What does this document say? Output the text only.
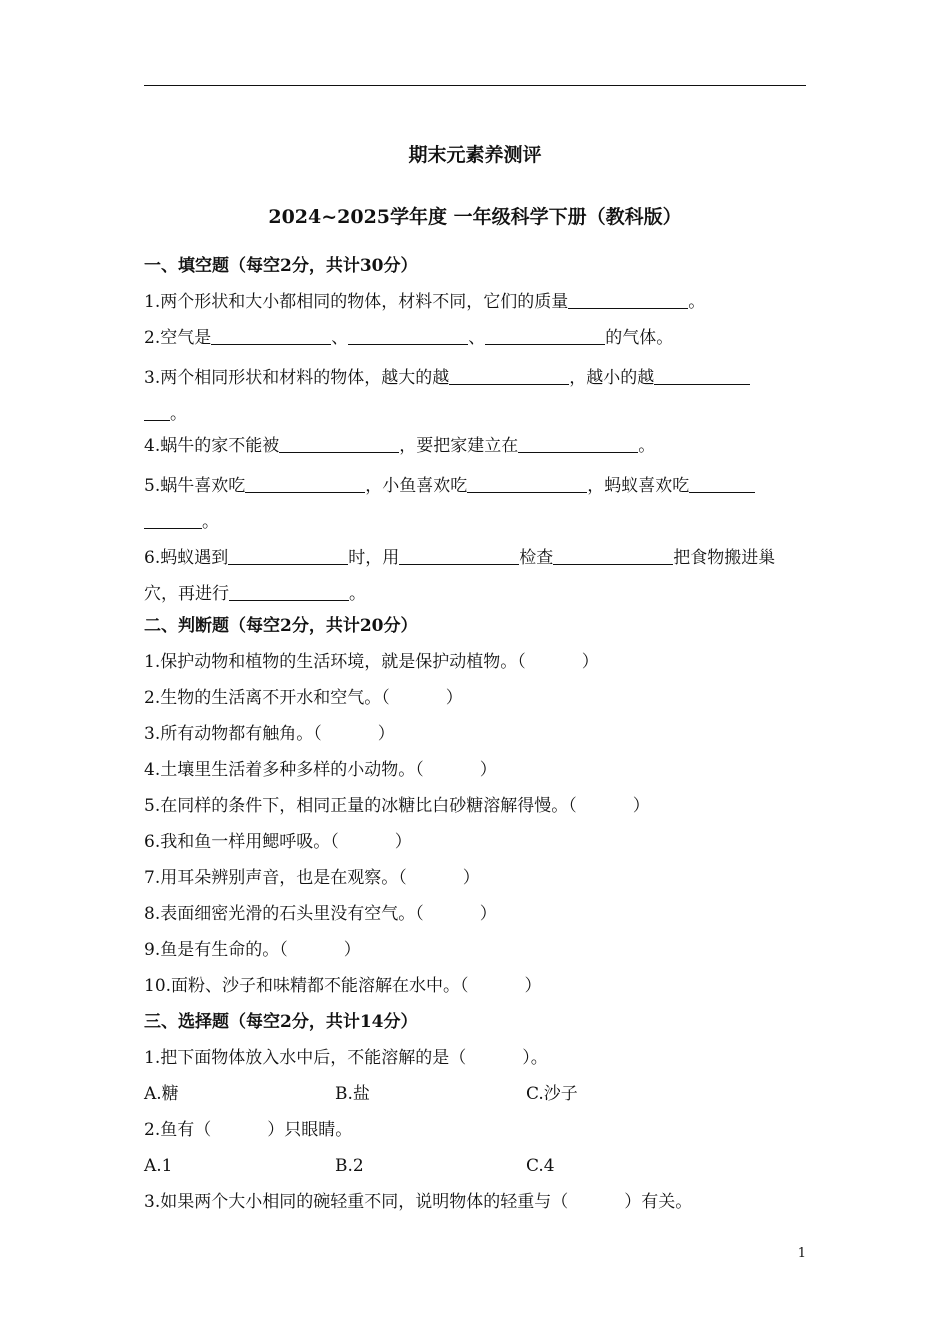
期末元素养测评
2024~2025学年度 一年级科学下册（教科版）
一、填空题（每空2分，共计30分）
1.两个形状和大小都相同的物体，材料不同，它们的质量	。
2.空气是	、	、	的气体。
3.两个相同形状和材料的物体，越大的越	，越小的越
。
4.蜗牛的家不能被	，要把家建立在	。
5.蜗牛喜欢吃	，小鱼喜欢吃	，蚂蚁喜欢吃
。
6.蚂蚁遇到	时，用	检查	把食物搬进巢穴，再进行	。
二、判断题（每空2分，共计20分）
1.保护动物和植物的生活环境，就是保护动植物。（	）
2.生物的生活离不开水和空气。（	）
3.所有动物都有触角。（	）
4.土壤里生活着多种多样的小动物。（	）
5.在同样的条件下，相同正量的冰糖比白砂糖溶解得慢。（	）
6.我和鱼一样用鳃呼吸。（	）
7.用耳朵辨别声音，也是在观察。（	）
8.表面细密光滑的石头里没有空气。（	）
9.鱼是有生命的。（	）
10.面粉、沙子和味精都不能溶解在水中。（	）
三、选择题（每空2分，共计14分）
1.把下面物体放入水中后，不能溶解的是（	）。
A.糖	B.盐	C.沙子
2.鱼有（	）只眼睛。
A.1	B.2	C.4
3.如果两个大小相同的碗轻重不同，说明物体的轻重与（	）有关。
1
